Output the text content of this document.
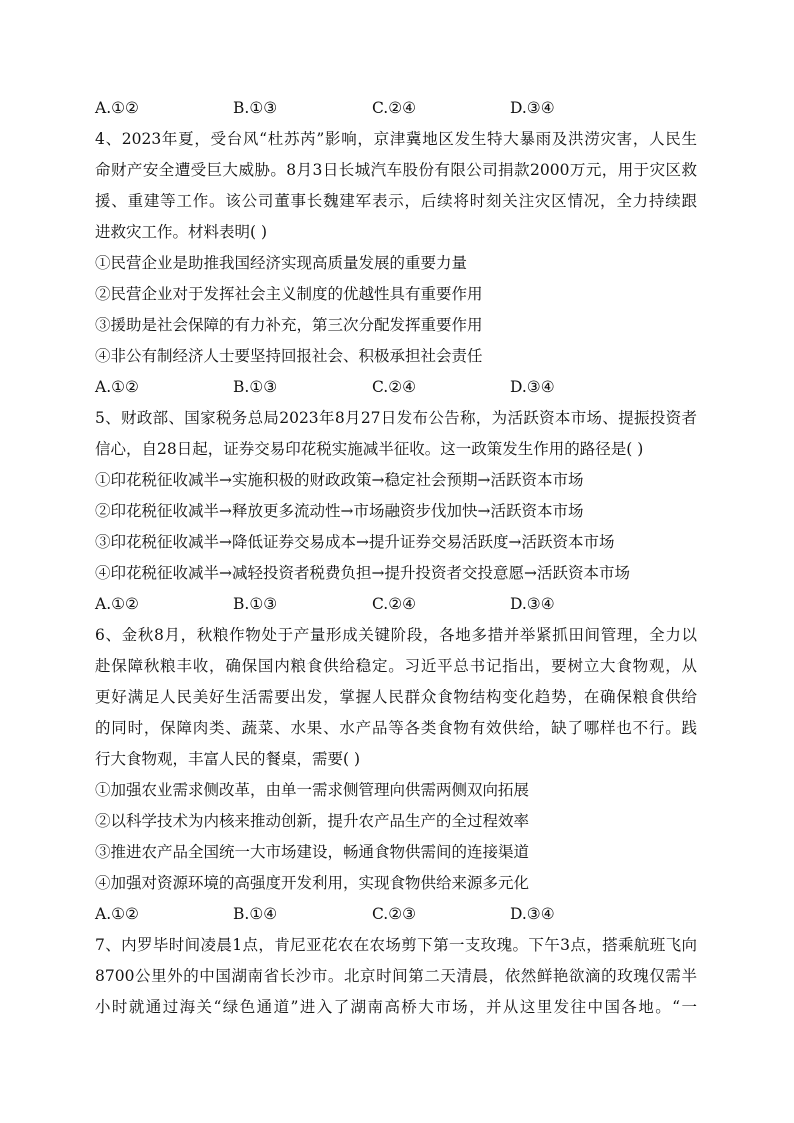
A.①②	B.①③	C.②④	D.③④
4、2023年夏，受台风“杜苏芮”影响，京津冀地区发生特大暴雨及洪涝灾害，人民生
命财产安全遭受巨大威胁。8月3日长城汽车股份有限公司捐款2000万元，用于灾区救
援、重建等工作。该公司董事长魏建军表示，后续将时刻关注灾区情况，全力持续跟
进救灾工作。材料表明( )
①民营企业是助推我国经济实现高质量发展的重要力量
②民营企业对于发挥社会主义制度的优越性具有重要作用
③援助是社会保障的有力补充，第三次分配发挥重要作用
④非公有制经济人士要坚持回报社会、积极承担社会责任
A.①②	B.①③	C.②④	D.③④
5、财政部、国家税务总局2023年8月27日发布公告称，为活跃资本市场、提振投资者
信心，自28日起，证券交易印花税实施减半征收。这一政策发生作用的路径是( )
①印花税征收减半→实施积极的财政政策→稳定社会预期→活跃资本市场
②印花税征收减半→释放更多流动性→市场融资步伐加快→活跃资本市场
③印花税征收减半→降低证券交易成本→提升证券交易活跃度→活跃资本市场
④印花税征收减半→减轻投资者税费负担→提升投资者交投意愿→活跃资本市场
A.①②	B.①③	C.②④	D.③④
6、金秋8月，秋粮作物处于产量形成关键阶段，各地多措并举紧抓田间管理，全力以
赴保障秋粮丰收，确保国内粮食供给稳定。习近平总书记指出，要树立大食物观，从
更好满足人民美好生活需要出发，掌握人民群众食物结构变化趋势，在确保粮食供给
的同时，保障肉类、蔬菜、水果、水产品等各类食物有效供给，缺了哪样也不行。践
行大食物观，丰富人民的餐桌，需要( )
①加强农业需求侧改革，由单一需求侧管理向供需两侧双向拓展
②以科学技术为内核来推动创新，提升农产品生产的全过程效率
③推进农产品全国统一大市场建设，畅通食物供需间的连接渠道
④加强对资源环境的高强度开发利用，实现食物供给来源多元化
A.①②	B.①④	C.②③	D.③④
7、内罗毕时间凌晨1点，肯尼亚花农在农场剪下第一支玫瑰。下午3点，搭乘航班飞向
8700公里外的中国湖南省长沙市。北京时间第二天清晨，依然鲜艳欲滴的玫瑰仅需半
小时就通过海关“绿色通道”进入了湖南高桥大市场，并从这里发往中国各地。“一
